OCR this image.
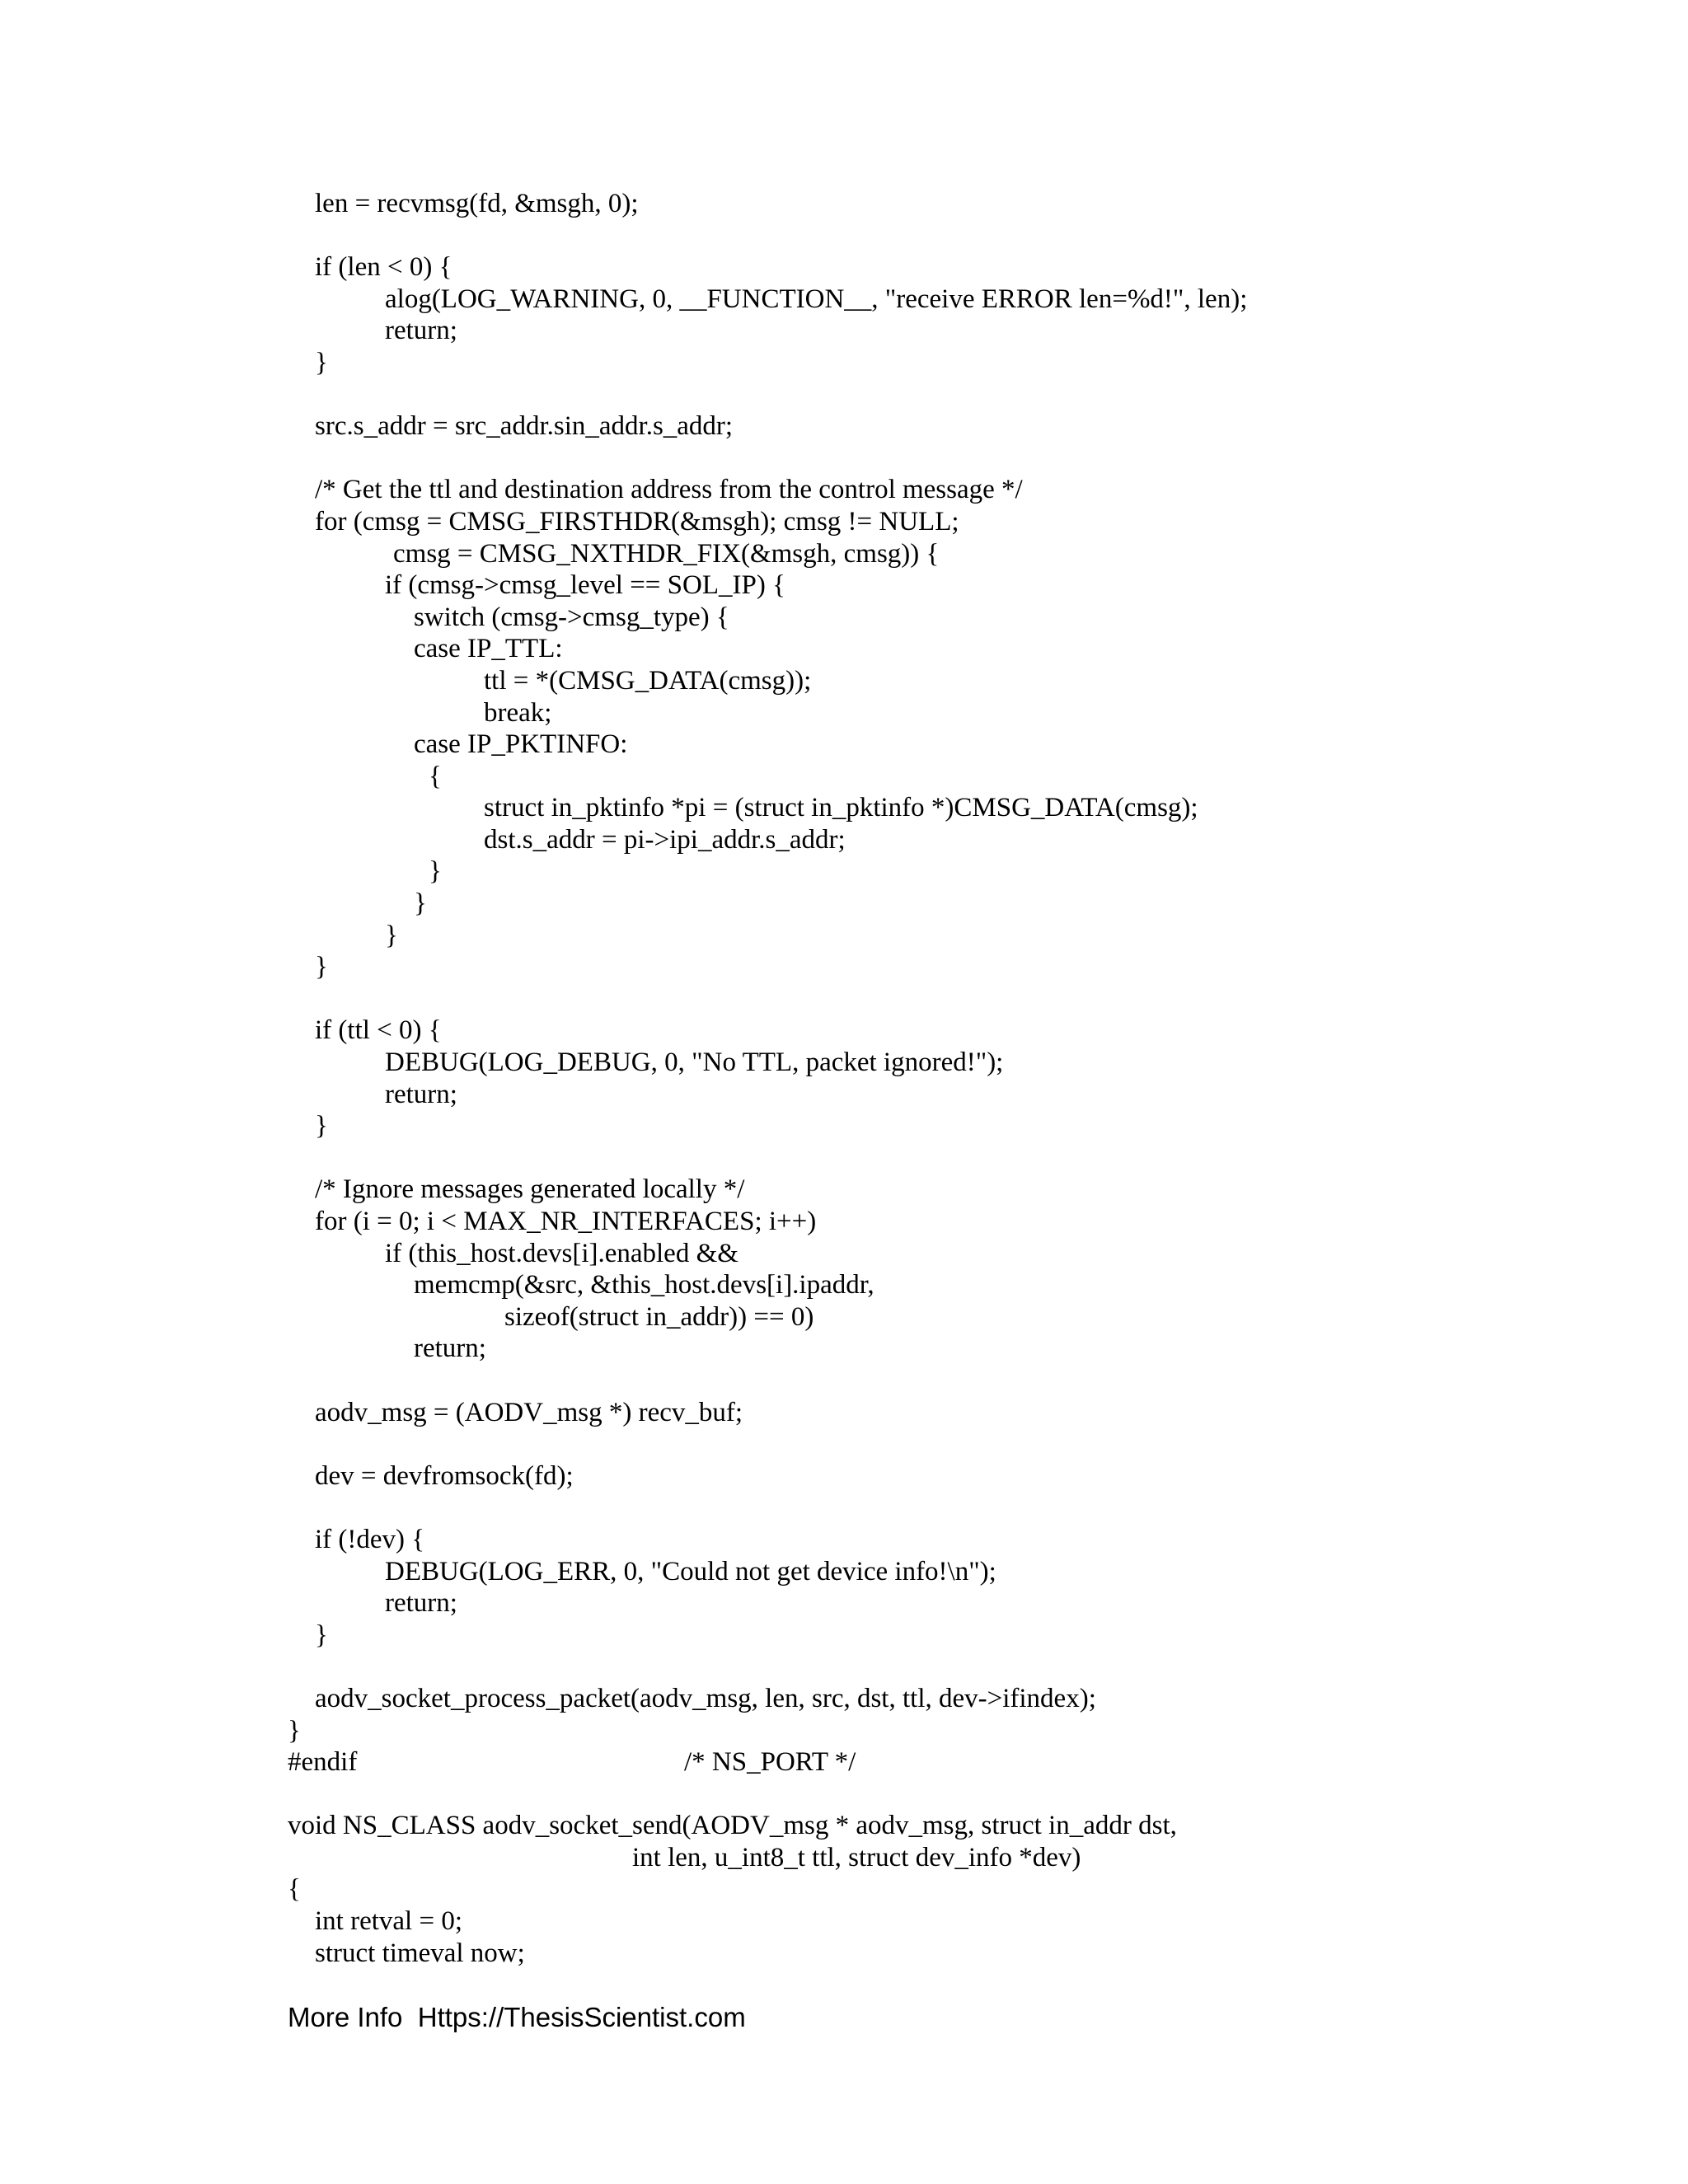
len = recvmsg(fd, &msgh, 0);
if (len < 0) {
alog(LOG_WARNING, 0, __FUNCTION__, "receive ERROR len=%d!", len);
return;
}
src.s_addr = src_addr.sin_addr.s_addr;
/* Get the ttl and destination address from the control message */
for (cmsg = CMSG_FIRSTHDR(&msgh); cmsg != NULL;
cmsg = CMSG_NXTHDR_FIX(&msgh, cmsg)) {
if (cmsg->cmsg_level == SOL_IP) {
switch (cmsg->cmsg_type) {
case IP_TTL:
ttl = *(CMSG_DATA(cmsg));
break;
case IP_PKTINFO:
{
struct in_pktinfo *pi = (struct in_pktinfo *)CMSG_DATA(cmsg);
dst.s_addr = pi->ipi_addr.s_addr;
}
}
}
}
if (ttl < 0) {
DEBUG(LOG_DEBUG, 0, "No TTL, packet ignored!");
return;
}
/* Ignore messages generated locally */
for (i = 0; i < MAX_NR_INTERFACES; i++)
if (this_host.devs[i].enabled &&
memcmp(&src, &this_host.devs[i].ipaddr,
sizeof(struct in_addr)) == 0)
return;
aodv_msg = (AODV_msg *) recv_buf;
dev = devfromsock(fd);
if (!dev) {
DEBUG(LOG_ERR, 0, "Could not get device info!\n");
return;
}
aodv_socket_process_packet(aodv_msg, len, src, dst, ttl, dev->ifindex);
}
#endif	/* NS_PORT */
void NS_CLASS aodv_socket_send(AODV_msg * aodv_msg, struct in_addr dst,
int len, u_int8_t ttl, struct dev_info *dev)
{
int retval = 0;
struct timeval now;
More Info  Https://ThesisScientist.com
